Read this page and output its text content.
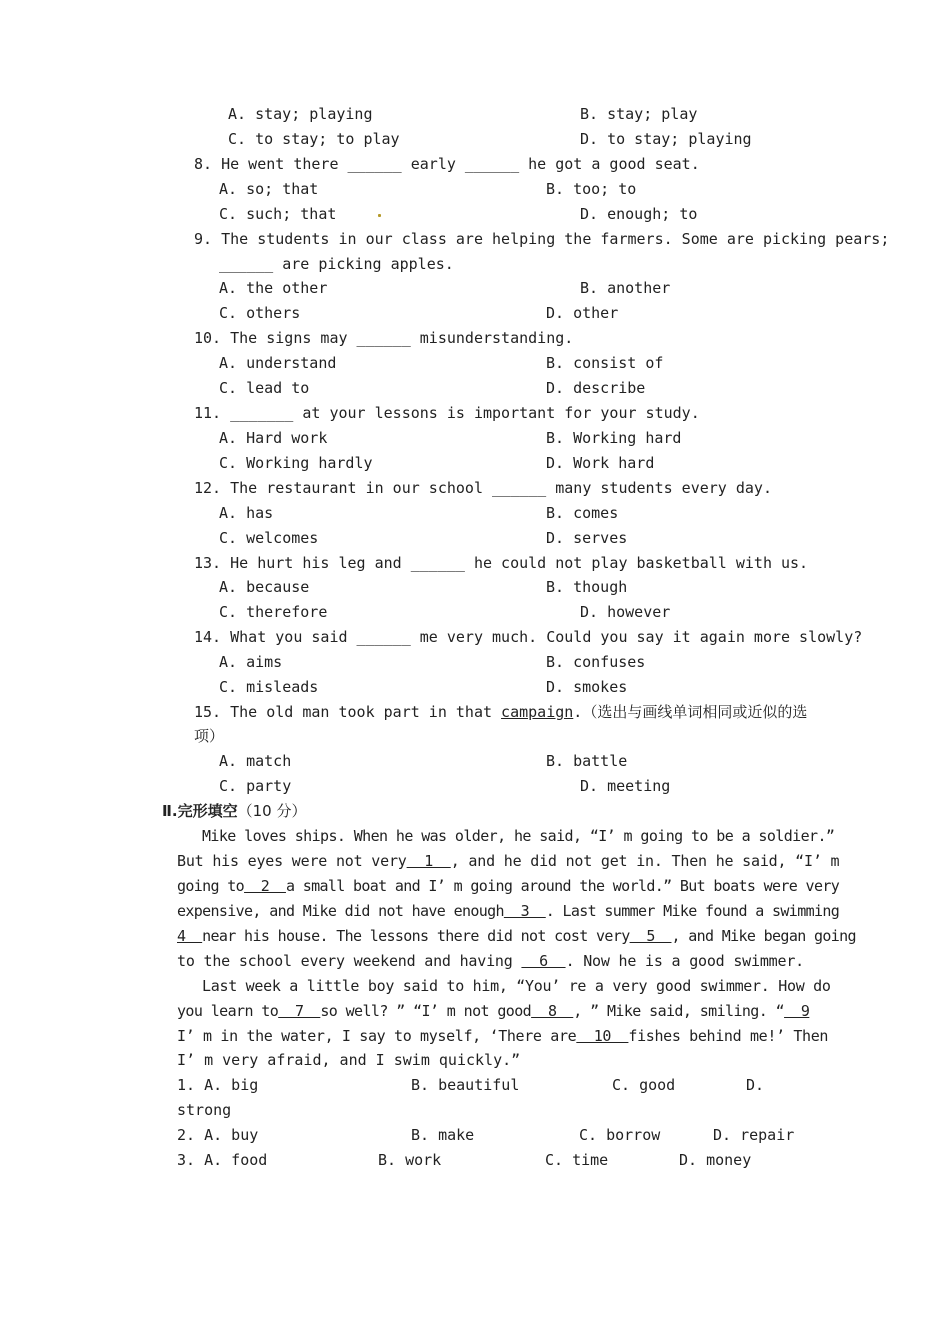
A. stay; playing	B. stay; play
C. to stay; to play	D. to stay; playing
8. He went there ______ early ______ he got a good seat.
A. so; that	B. too; to
C. such; that	D. enough; to
9. The students in our class are helping the farmers. Some are picking pears;
______ are picking apples.
A. the other	B. another
C. others	D. other
10. The signs may ______ misunderstanding.
A. understand	B. consist of
C. lead to	D. describe
11. _______ at your lessons is important for your study.
A. Hard work	B. Working hard
C. Working hardly	D. Work hard
12. The restaurant in our school ______ many students every day.
A. has	B. comes
C. welcomes	D. serves
13. He hurt his leg and ______ he could not play basketball with us.
A. because	B. though
C. therefore	D. however
14. What you said ______ me very much. Could you say it again more slowly?
A. aims	B. confuses
C. misleads	D. smokes
15. The old man took part in that campaign.（选出与画线单词相同或近似的选
项）
A. match	B. battle
C. party	D. meeting
Ⅱ.完形填空（10 分）
Mike loves ships. When he was older, he said, “I’ m going to be a soldier.”
But his eyes were not very  1  , and he did not get in. Then he said, “I’ m
going to  2  a small boat and I’ m going around the world.” But boats were very
expensive, and Mike did not have enough  3  . Last summer Mike found a swimming
4  near his house. The lessons there did not cost very  5  , and Mike began going
to the school every weekend and having   6  . Now he is a good swimmer.
Last week a little boy said to him, “You’ re a very good swimmer. How do
you learn to  7  so well? ” “I’ m not good  8  , ” Mike said, smiling. “  9
I’ m in the water, I say to myself, ‘There are  10  fishes behind me!’ Then
I’ m very afraid, and I swim quickly.”
1. A. big	B. beautiful	C. good	D.
strong
2. A. buy	B. make	C. borrow	D. repair
3. A. food	B. work	C. time	D. money
